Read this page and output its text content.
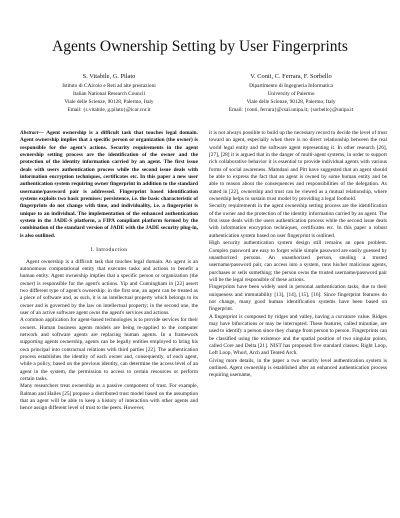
Agents Ownership Setting by User Fingerprints
S. Vitabile, G. Pilato
Istituto di CAlcolo e Reti ad alte prestazioni
Italian National Research Council
Viale delle Scienze, 90128, Palermo, Italy
Email: {s.vitabile, g.pilato}@icar.cnr.it
V. Conti, C. Ferrara, F. Sorbello
Dipartimento di Ingegneria Informatica
University of Palermo
Viale delle Scienze, 90128, Palermo, Italy
Email: {conti, ferrara}@csai.unipa.it; {sorbello}@unipa.it

Abstract— Agent ownership is a difficult task that touches legal domain. Agent ownership implies that a specific person or organization (the owner) is responsible for the agent's actions. Security requirements in the agent ownership setting process are the identification of the owner and the protection of the identity information carried by an agent. The first issue deals with users authentication process while the second issue deals with information encryption techniques, certificates etc. In this paper a new user authentication system requiring owner fingerprint in addition to the standard username/password pair is addressed. Fingerprint based identification systems exploits two basic premises: persistence, i.e. the basic characteristic of fingerprints do not change with time, and individuality, i.e. a fingerprint is unique to an individual. The implementation of the enhanced authentication system in the JADE-S platform, a FIPA compliant platform formed by the combination of the standard version of JADE with the JADE security plug-in, is also outlined.

I. Introduction

Agent ownership is a difficult task that touches legal domain. An agent is an autonomous computational entity that executes tasks and actions to benefit a human entity. Agent ownership implies that a specific person or organization (the owner) is responsible for the agent's actions. Yip and Cunningham in [22] assert two different type of agent's ownership: in the first one, an agent can be treated as a piece of software and, as such, it is an intellectual property which belongs to its owner and is governed by the law on intellectual property; in the second one, the user of an active software agent owns the agent's services and actions.

A common application for agent-based technologies is to provide services for their owners. Human business agents models are being re-applied to the computer network and software agents are replacing human agents. In a framework supporting agents ownership, agents can be legally entities employed to bring his own principal into contractual relations with third parties [22]. The authentication process establishes the identity of each owner and, consequently, of each agent, while a policy, based on the previous identity, can determine the access level of an agent in the system, the permission to access to certain resources or perform certain tasks.

Many researchers treat ownership as a passive component of trust. For example, Balman and Hailes [25] propose a distributed trust model based on the assumption that an agent will be able to keep a history of interaction with other agents and hence assign different level of trust to the peers. However,

it is not always possible to build up the necessary record to decide the level of trust toward an agent, especially when there is no direct relationship between the real world legal entity and the software agent representing it. In other research [26], [27], [28] it is argued that in the danger of multi-agent systems, in order to support rich collaborative behavior it is essential to provide individual agents with various forms of social awareness. Mamdani and Pitt have suggested that an agent should be able to express the fact that an agent is owned by some human entity and be able to reason about the consequences and responsibilities of the delegation. As stated in [22], ownership and trust can be viewed as a mutual relationship, where ownership helps to sustain trust model by providing a legal foothold.

Security requirements in the agent ownership setting process are the identification of the owner and the protection of the identity information carried by an agent. The first issue deals with the users authentication process while the second issue deals with information encryption techniques, certificates etc. In this paper a robust authentication system based on user fingerprint is outlined.

High security authentication system design still remains an open problem. Complex password are easy to forget while simple password are easily guessed by unauthorized persons. An unauthorized person, stealing a trusted username/password pair, can access into a system, runs his/her malicious agents, purchases or sells something; the person owns the trusted username/password pair will be the legal responsible of these actions.

Fingerprints have been widely used in personal authentication tasks, due to their uniqueness and immutability [13], [14], [15], [16]. Since fingerprint features do not change, many good human identification systems have been based on fingerprint.

A fingerprint is composed by ridges and valley, having a curvature value. Ridges may have bifurcations or may be interrupted. These features, called minutiae, are used to identify a person since they change from person to person. Fingerprints can be classified using the existence and the spatial position of two singular points, called Core and Delta [21]. NIST has proposed five standard classes: Right Loop, Left Loop, Whorl, Arch and Tented Arch.

Giving more details, in the paper a two security level authentication system is outlined. Agent ownership is established after an enhanced authentication process requiring username,
